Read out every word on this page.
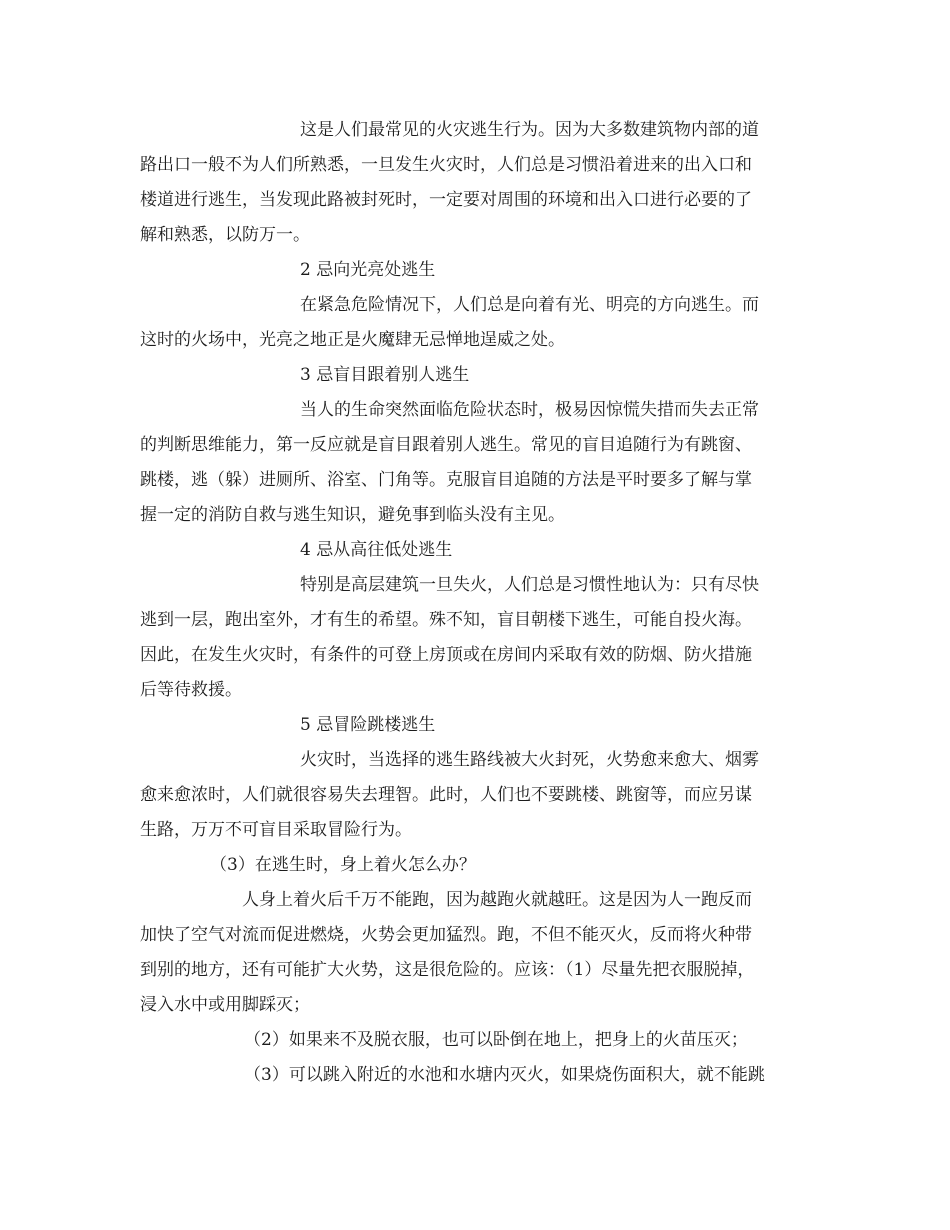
这是人们最常见的火灾逃生行为。因为大多数建筑物内部的道
路出口一般不为人们所熟悉，一旦发生火灾时，人们总是习惯沿着进来的出入口和
楼道进行逃生，当发现此路被封死时，一定要对周围的环境和出入口进行必要的了
解和熟悉，以防万一。
2 忌向光亮处逃生
在紧急危险情况下，人们总是向着有光、明亮的方向逃生。而
这时的火场中，光亮之地正是火魔肆无忌惮地逞威之处。
3 忌盲目跟着别人逃生
当人的生命突然面临危险状态时，极易因惊慌失措而失去正常
的判断思维能力，第一反应就是盲目跟着别人逃生。常见的盲目追随行为有跳窗、
跳楼，逃（躲）进厕所、浴室、门角等。克服盲目追随的方法是平时要多了解与掌
握一定的消防自救与逃生知识，避免事到临头没有主见。
4 忌从高往低处逃生
特别是高层建筑一旦失火，人们总是习惯性地认为：只有尽快
逃到一层，跑出室外，才有生的希望。殊不知，盲目朝楼下逃生，可能自投火海。
因此，在发生火灾时，有条件的可登上房顶或在房间内采取有效的防烟、防火措施
后等待救援。
5 忌冒险跳楼逃生
火灾时，当选择的逃生路线被大火封死，火势愈来愈大、烟雾
愈来愈浓时，人们就很容易失去理智。此时，人们也不要跳楼、跳窗等，而应另谋
生路，万万不可盲目采取冒险行为。
（3）在逃生时，身上着火怎么办？
人身上着火后千万不能跑，因为越跑火就越旺。这是因为人一跑反而
加快了空气对流而促进燃烧，火势会更加猛烈。跑，不但不能灭火，反而将火种带
到别的地方，还有可能扩大火势，这是很危险的。应该：（1）尽量先把衣服脱掉，
浸入水中或用脚踩灭；
（2）如果来不及脱衣服，也可以卧倒在地上，把身上的火苗压灭；
（3）可以跳入附近的水池和水塘内灭火，如果烧伤面积大，就不能跳
